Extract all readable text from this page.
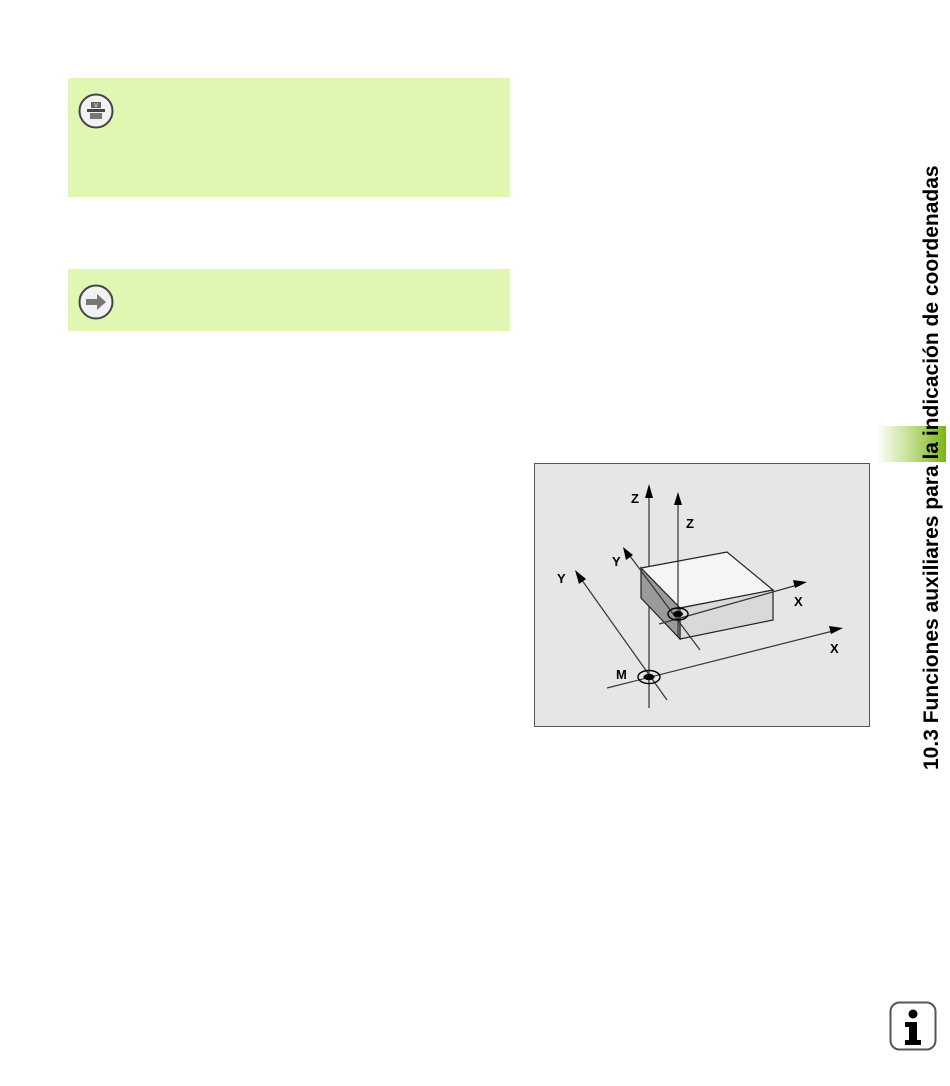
V
10.3 Funciones auxiliares para la indicación de coordenadas
Z
Z
Y
Y
X
X
M
